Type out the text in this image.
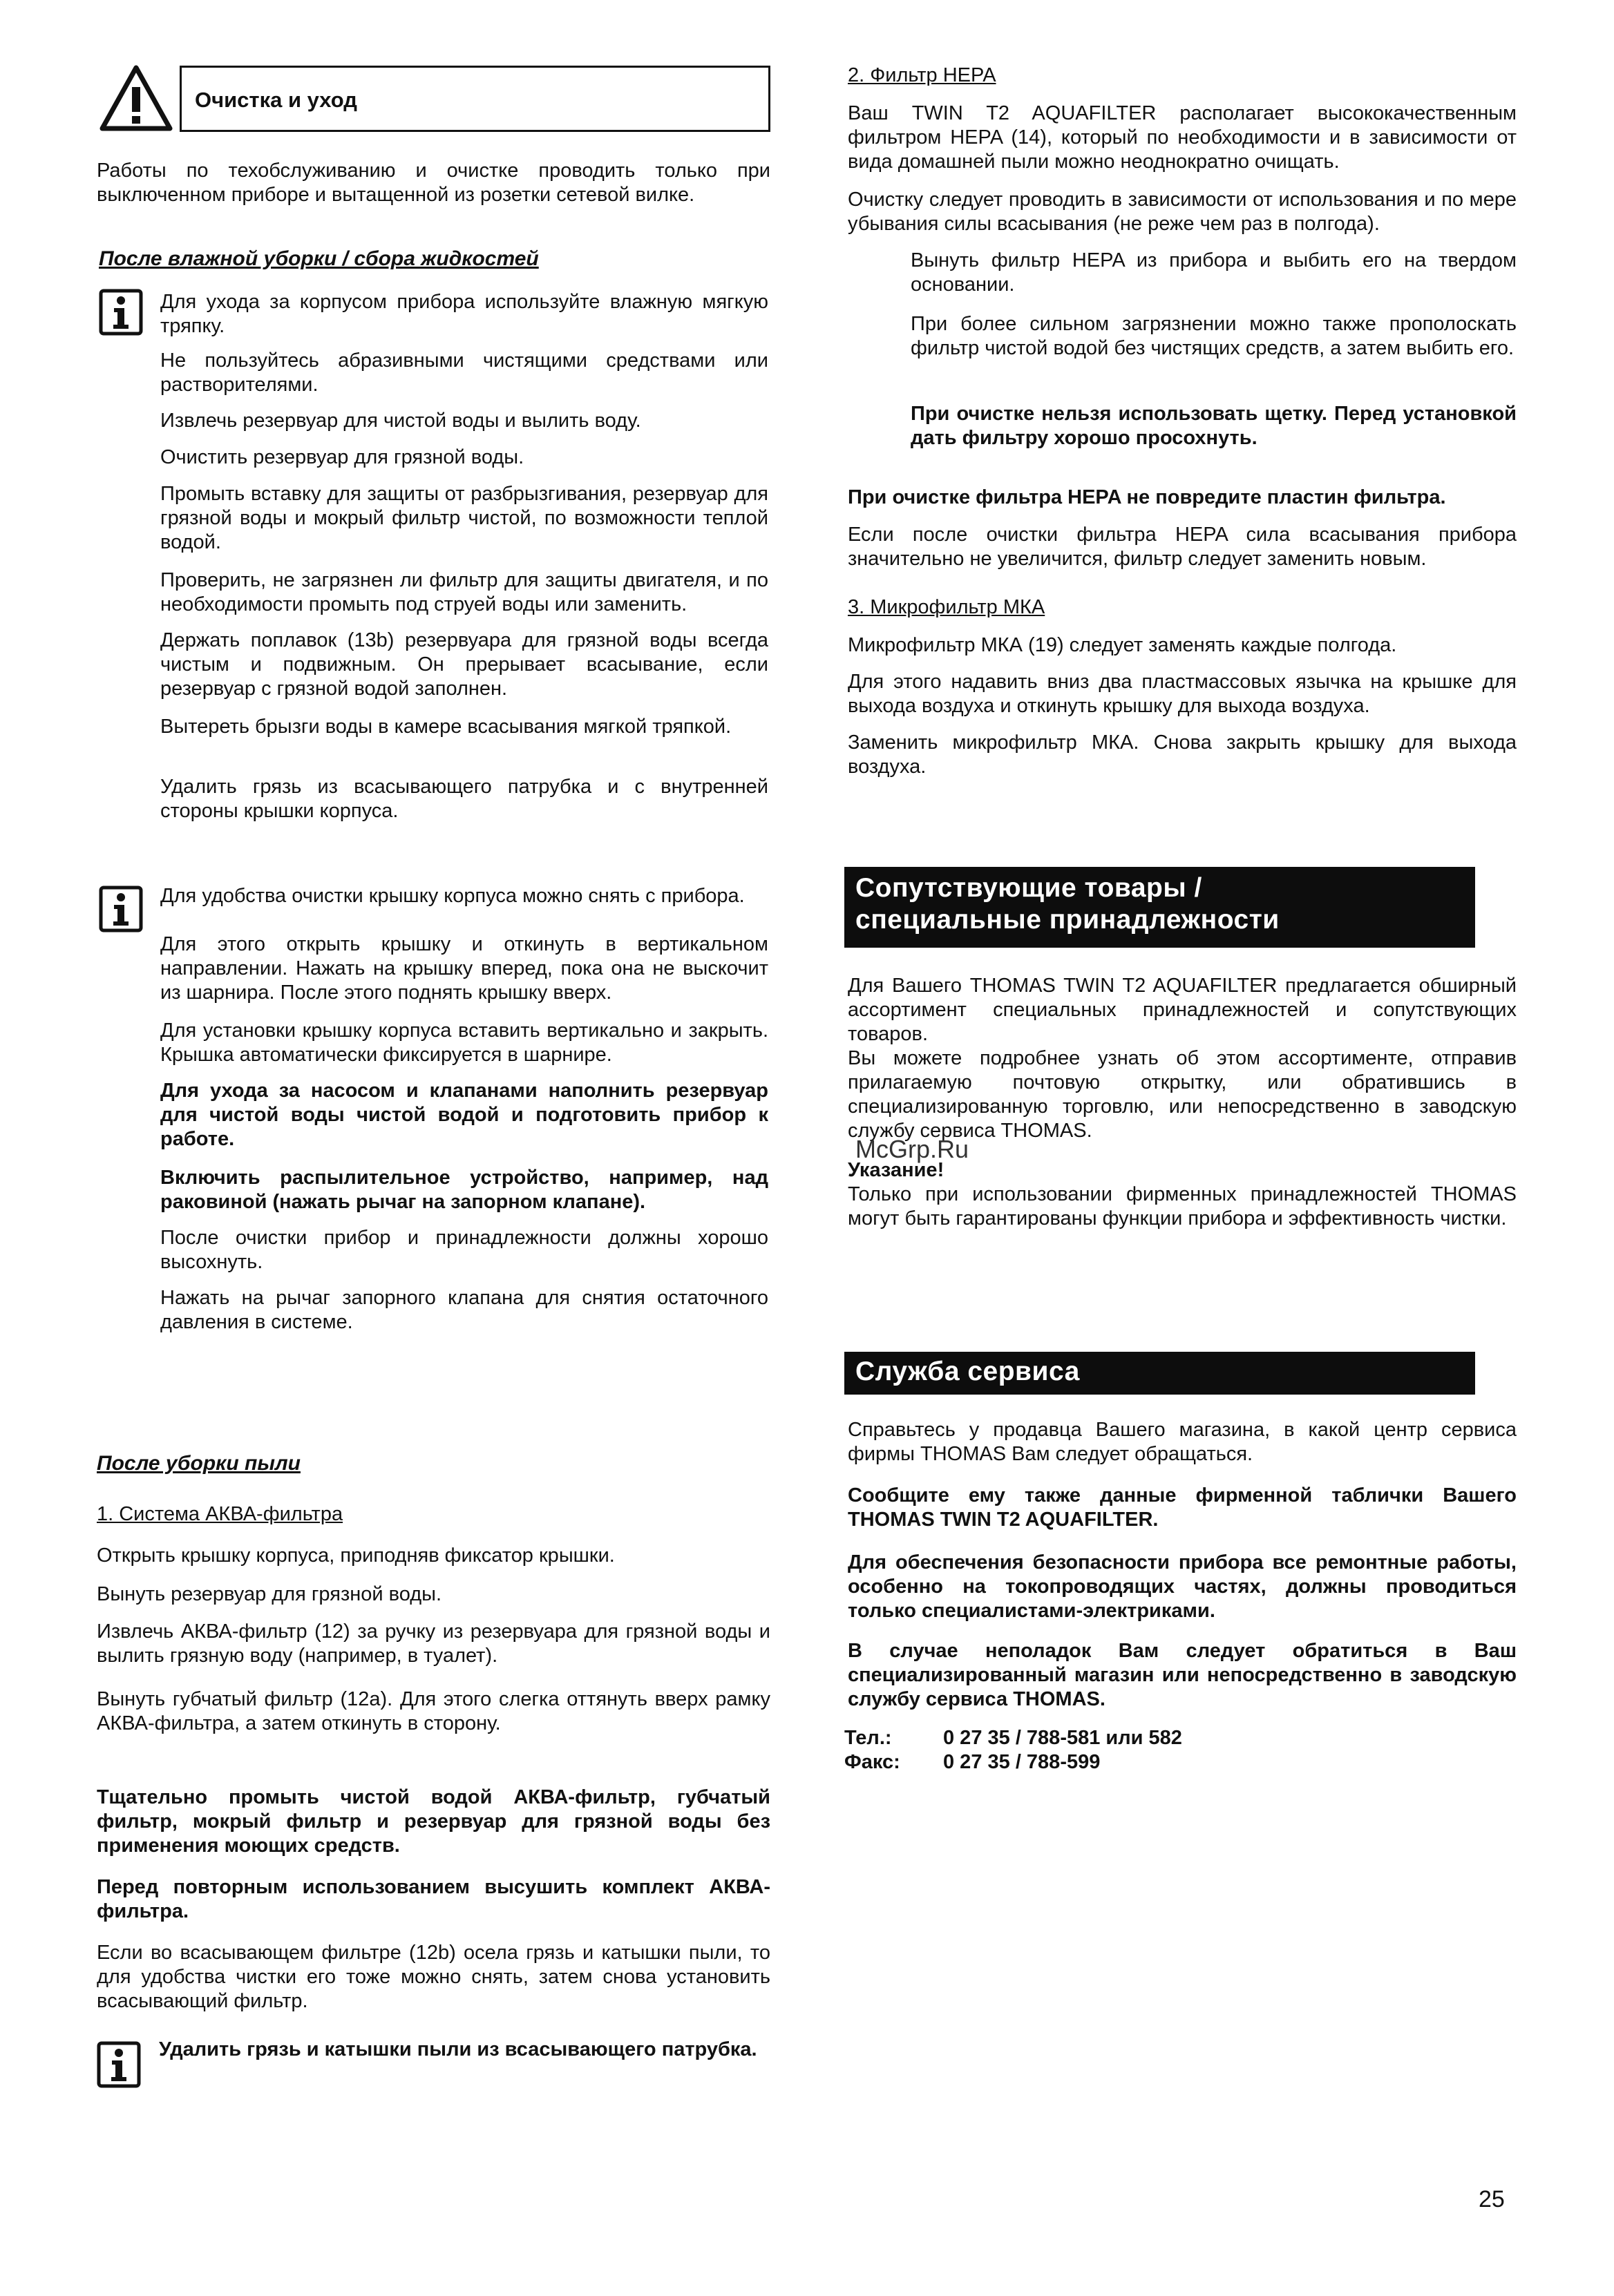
Очистка и уход

Работы по техобслуживанию и очистке проводить только при выключенном приборе и вытащенной из розетки сетевой вилке.

После влажной уборки / сбора жидкостей

Для ухода за корпусом прибора используйте влажную мягкую тряпку.

Не пользуйтесь абразивными чистящими средствами или растворителями.

Извлечь резервуар для чистой воды и вылить воду.

Очистить резервуар для грязной воды.

Промыть вставку для защиты от разбрызгивания, резервуар для грязной воды и мокрый фильтр чистой, по возможности теплой водой.

Проверить, не загрязнен ли фильтр для защиты двигателя, и по необходимости промыть под струей воды или заменить.

Держать поплавок (13b) резервуара для грязной воды всегда чистым и подвижным. Он прерывает всасывание, если резервуар с грязной водой заполнен.

Вытереть брызги воды в камере всасывания мягкой тряпкой.

Удалить грязь из всасывающего патрубка и с внутренней стороны крышки корпуса.

Для удобства очистки крышку корпуса можно снять с прибора.

Для этого открыть крышку и откинуть в вертикальном направлении. Нажать на крышку вперед, пока она не выскочит из шарнира. После этого поднять крышку вверх.

Для установки крышку корпуса вставить вертикально и закрыть. Крышка автоматически фиксируется в шарнире.

Для ухода за насосом и клапанами наполнить резервуар для чистой воды чистой водой и подготовить прибор к работе.

Включить распылительное устройство, например, над раковиной (нажать рычаг на запорном клапане).

После очистки прибор и принадлежности должны хорошо высохнуть.

Нажать на рычаг запорного клапана для снятия остаточного давления в системе.

После уборки пыли

1. Система АКВА-фильтра

Открыть крышку корпуса, приподняв фиксатор крышки.

Вынуть резервуар для грязной воды.

Извлечь АКВА-фильтр (12) за ручку из резервуара для грязной воды и вылить грязную воду (например, в туалет).

Вынуть губчатый фильтр (12a). Для этого слегка оттянуть вверх рамку АКВА-фильтра, а затем откинуть в сторону.

Тщательно промыть чистой водой АКВА-фильтр, губчатый фильтр, мокрый фильтр и резервуар для грязной воды без применения моющих средств.

Перед повторным использованием высушить комплект АКВА-фильтра.

Если во всасывающем фильтре (12b) осела грязь и катышки пыли, то для удобства чистки его тоже можно снять, затем снова установить всасывающий фильтр.

Удалить грязь и катышки пыли из всасывающего патрубка.

2. Фильтр HEPA

Ваш TWIN T2 AQUAFILTER располагает высококачественным фильтром HEPA (14), который по необходимости и в зависимости от вида домашней пыли можно неоднократно очищать.

Очистку следует проводить в зависимости от использования и по мере убывания силы всасывания (не реже чем раз в полгода).

Вынуть фильтр HEPA из прибора и выбить его на твердом основании.

При более сильном загрязнении можно также прополоскать фильтр чистой водой без чистящих средств, а затем выбить его.

При очистке нельзя использовать щетку. Перед установкой дать фильтру хорошо просохнуть.

При очистке фильтра HEPA не повредите пластин фильтра.

Если после очистки фильтра HEPA сила всасывания прибора значительно не увеличится, фильтр следует заменить новым.

3. Микрофильтр МКА

Микрофильтр МКА (19) следует заменять каждые полгода.

Для этого надавить вниз два пластмассовых язычка на крышке для выхода воздуха и откинуть крышку для выхода воздуха.

Заменить микрофильтр МКА. Снова закрыть крышку для выхода воздуха.

Сопутствующие товары /
специальные принадлежности

Для Вашего THOMAS TWIN T2 AQUAFILTER предлагается обширный ассортимент специальных принадлежностей и сопутствующих товаров.

Вы можете подробнее узнать об этом ассортименте, отправив прилагаемую почтовую открытку, или обратившись в специализированную торговлю, или непосредственно в заводскую службу сервиса THOMAS.

McGrp.Ru

Указание!

Только при использовании фирменных принадлежностей THOMAS могут быть гарантированы функции прибора и эффективность чистки.

Служба сервиса

Справьтесь у продавца Вашего магазина, в какой центр сервиса фирмы THOMAS Вам следует обращаться.

Сообщите ему также данные фирменной таблички Вашего THOMAS TWIN T2 AQUAFILTER.

Для обеспечения безопасности прибора все ремонтные работы, особенно на токопроводящих частях, должны проводиться только специалистами-электриками.

В случае неполадок Вам следует обратиться в Ваш специализированный магазин или непосредственно в заводскую службу сервиса THOMAS.

Тел.:	0 27 35 / 788-581 или 582
Факс: 0 27 35 / 788-599
25
